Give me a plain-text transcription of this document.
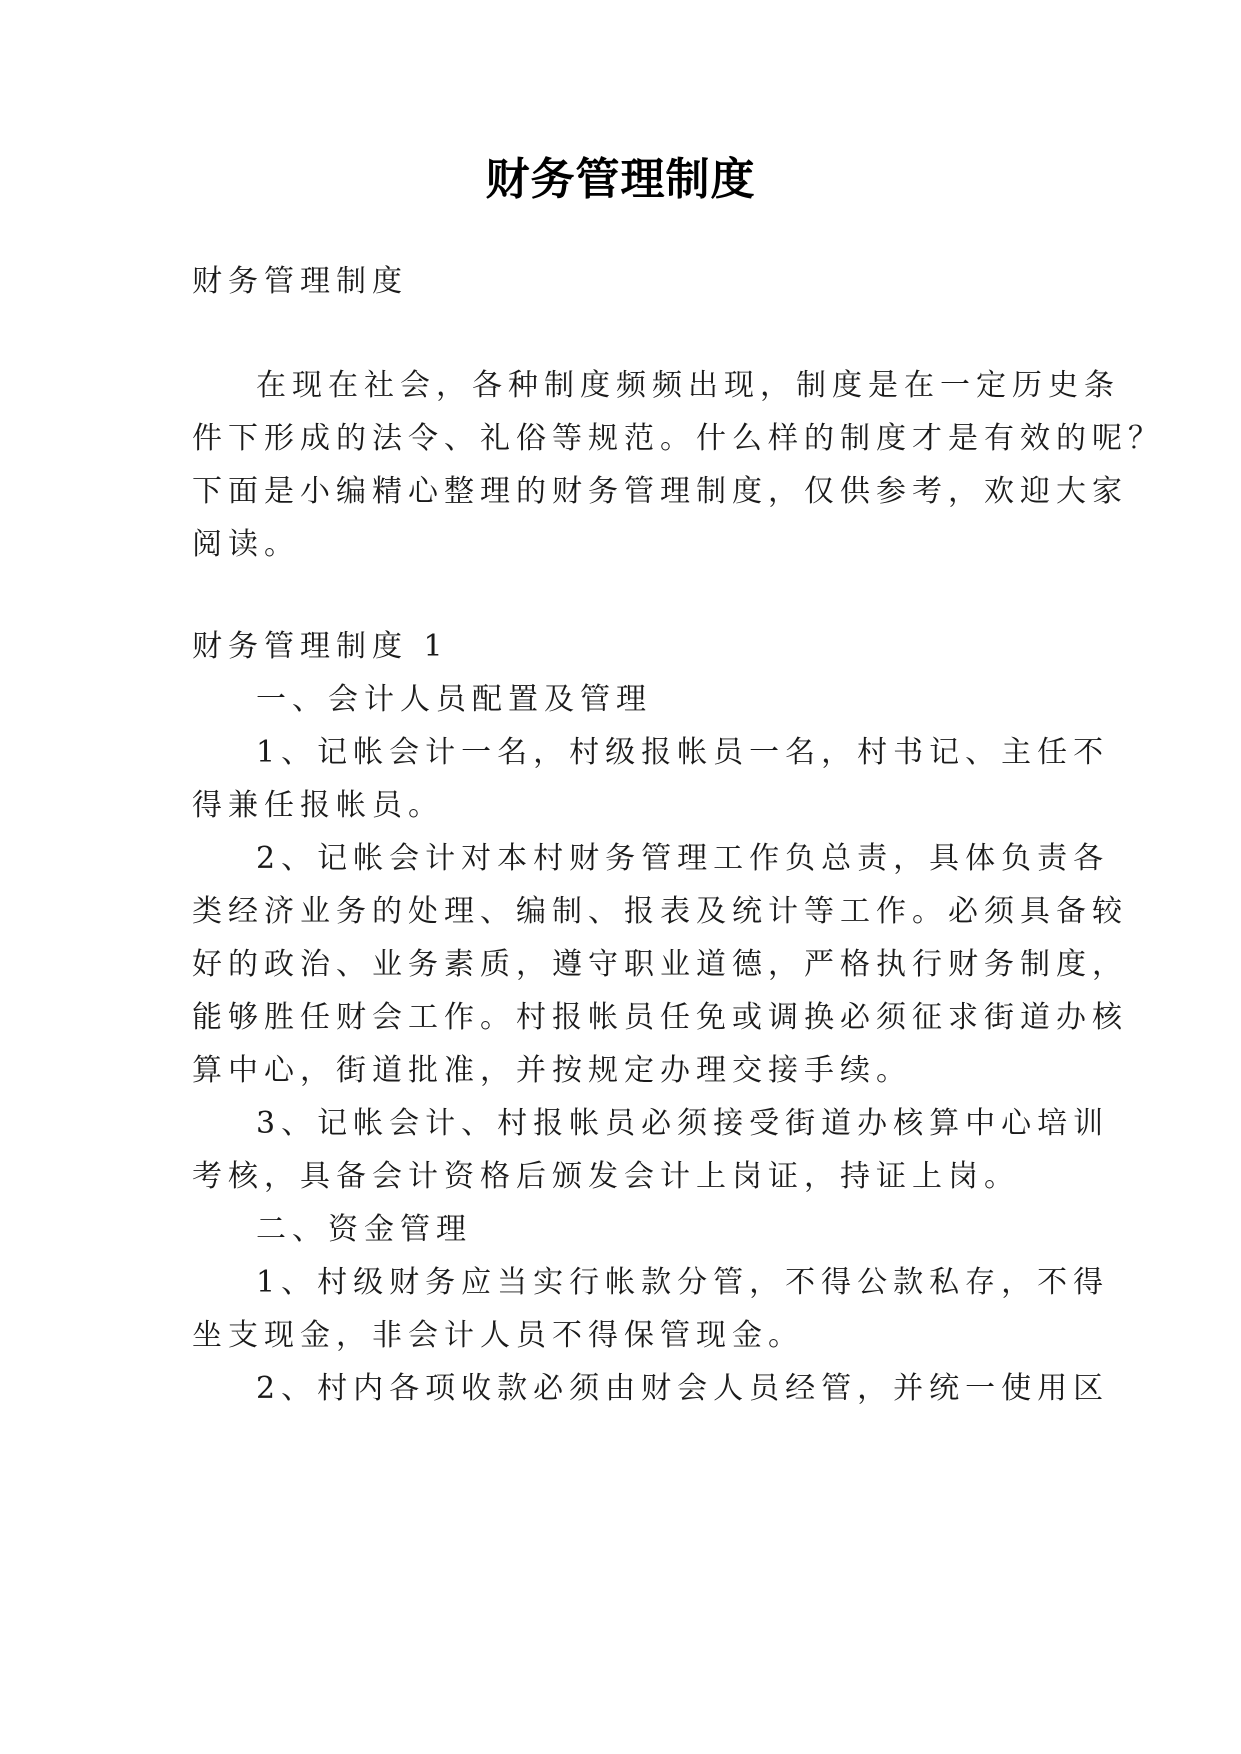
财务管理制度
财务管理制度
在现在社会，各种制度频频出现，制度是在一定历史条
件下形成的法令、礼俗等规范。什么样的制度才是有效的呢？
下面是小编精心整理的财务管理制度，仅供参考，欢迎大家
阅读。
财务管理制度 1
一、会计人员配置及管理
1、记帐会计一名，村级报帐员一名，村书记、主任不
得兼任报帐员。
2、记帐会计对本村财务管理工作负总责，具体负责各
类经济业务的处理、编制、报表及统计等工作。必须具备较
好的政治、业务素质，遵守职业道德，严格执行财务制度，
能够胜任财会工作。村报帐员任免或调换必须征求街道办核
算中心，街道批准，并按规定办理交接手续。
3、记帐会计、村报帐员必须接受街道办核算中心培训
考核，具备会计资格后颁发会计上岗证，持证上岗。
二、资金管理
1、村级财务应当实行帐款分管，不得公款私存，不得
坐支现金，非会计人员不得保管现金。
2、村内各项收款必须由财会人员经管，并统一使用区
